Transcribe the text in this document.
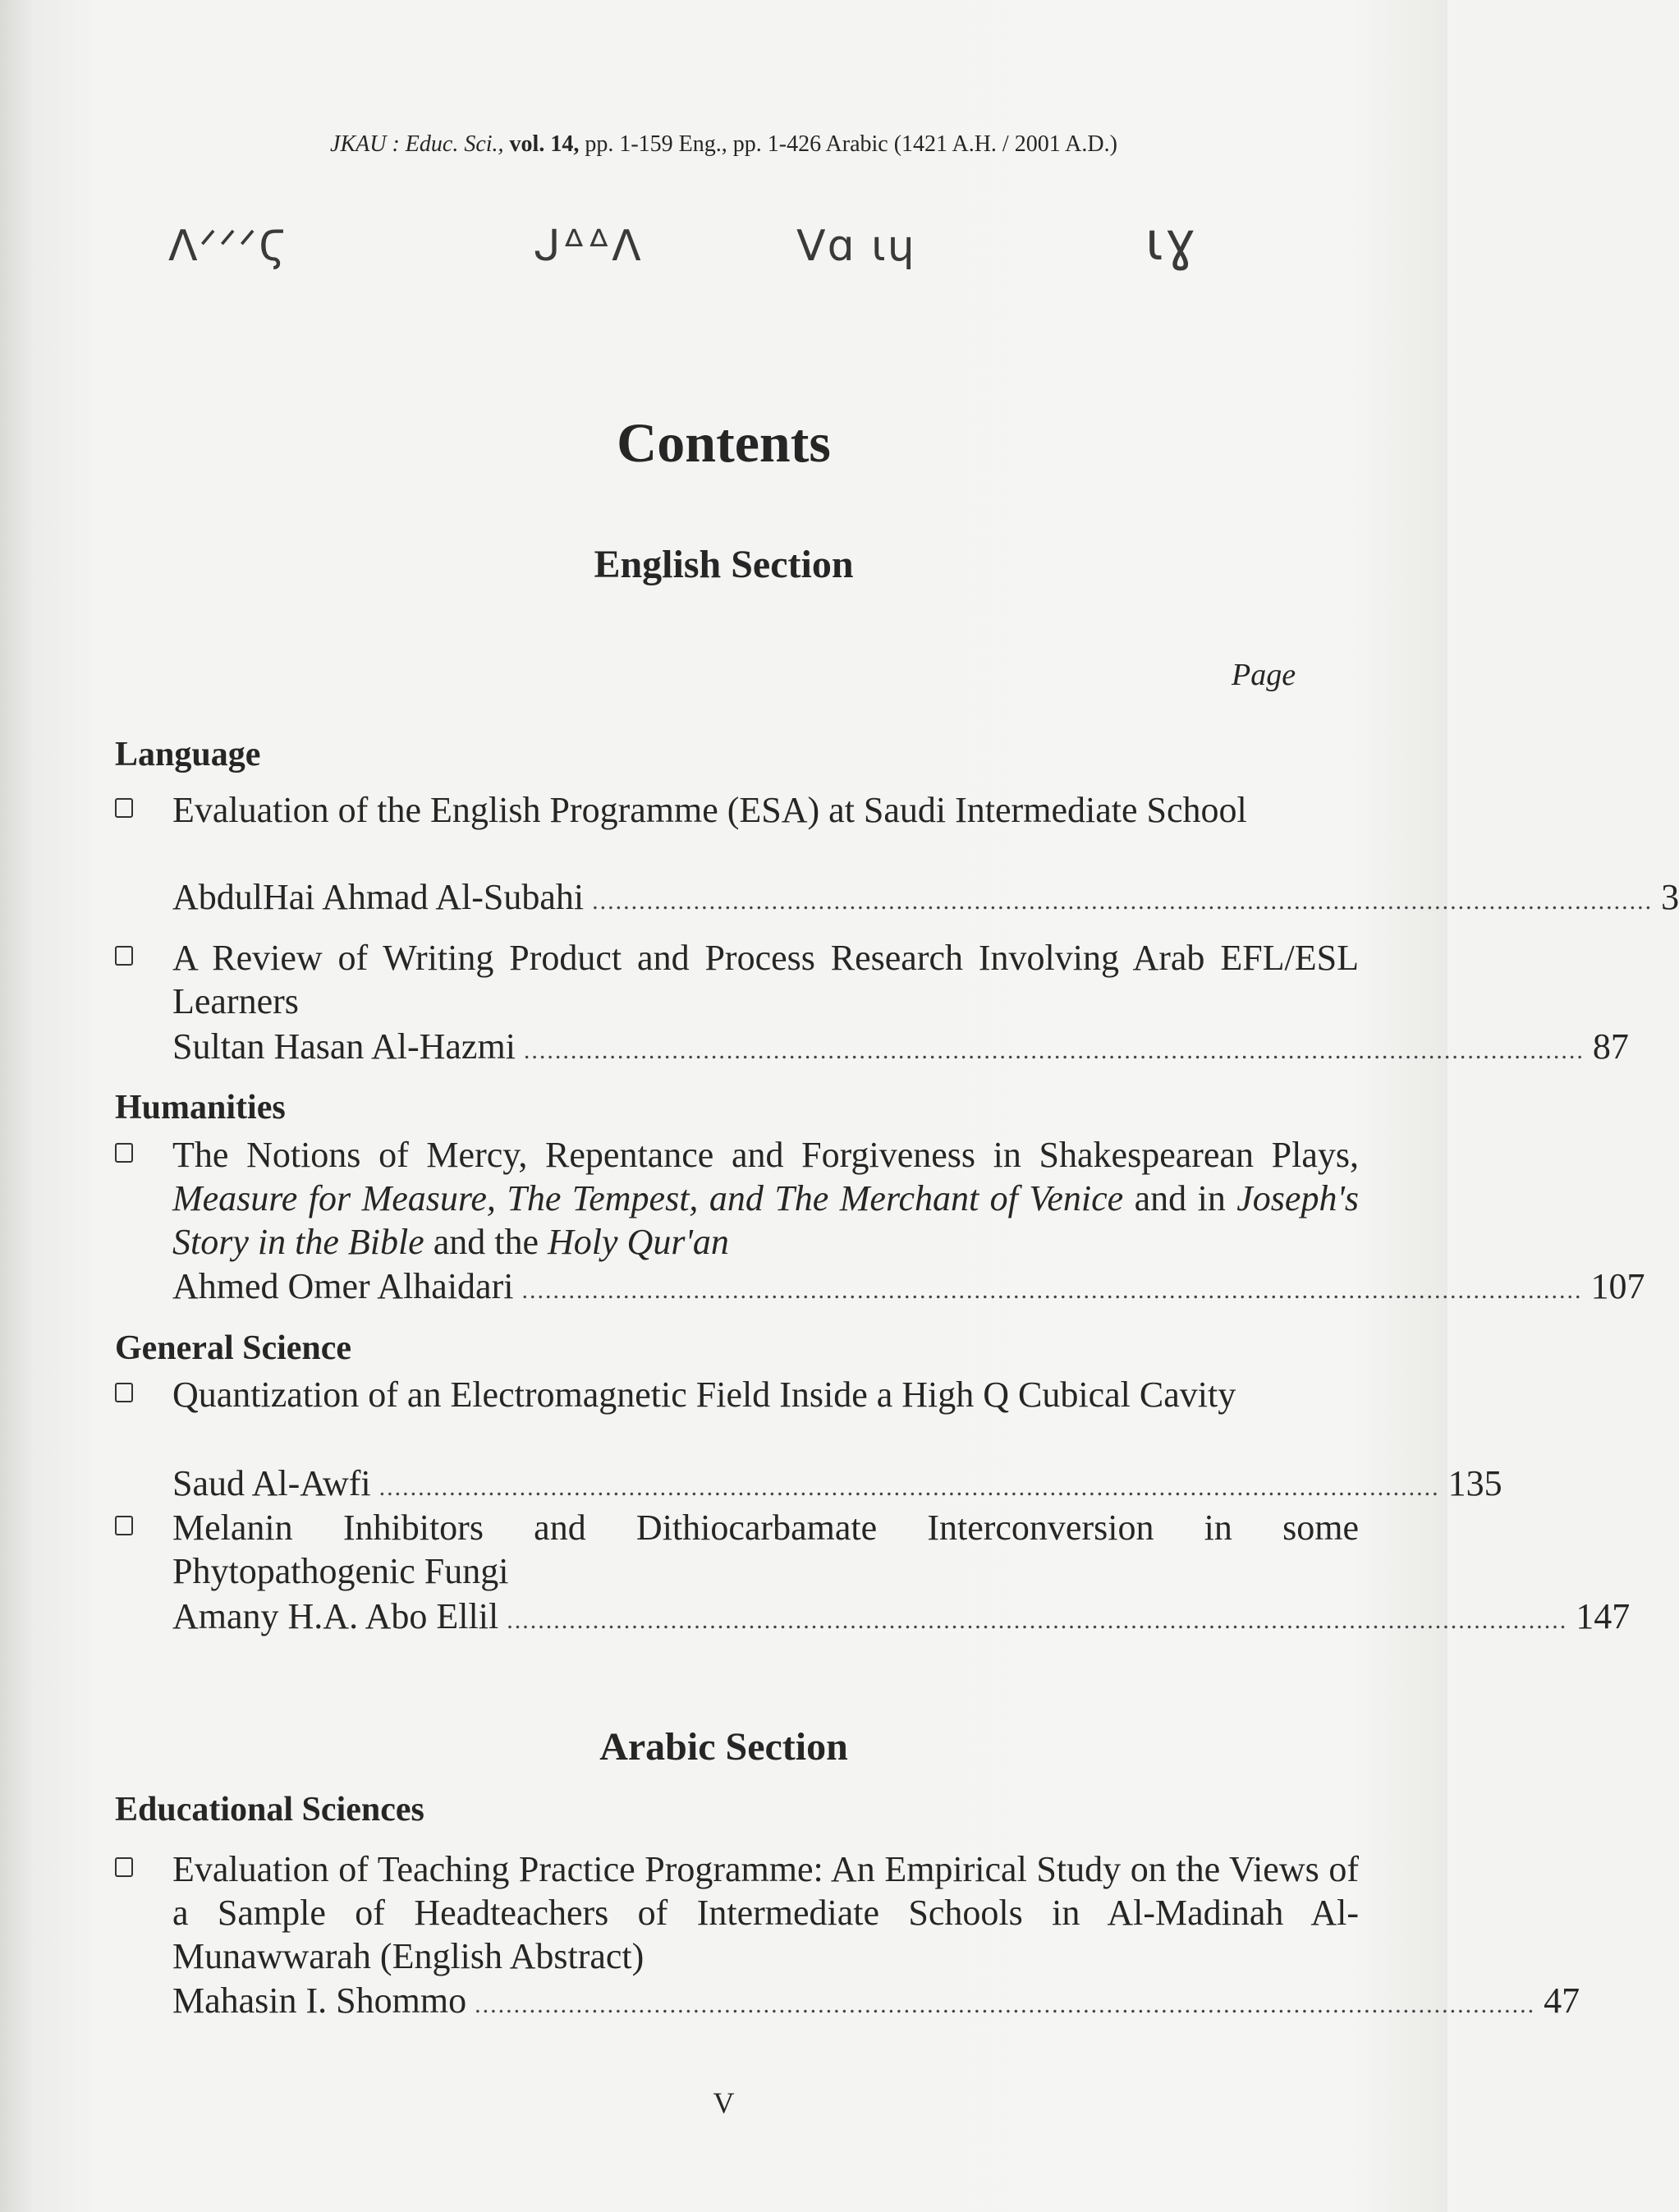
JKAU : Educ. Sci., vol. 14, pp. 1-159 Eng., pp. 1-426 Arabic (1421 A.H. / 2001 A.D.)
ΛᐟᐟᐟϚ	ᒍᐞᐞΛ	Vɑ ɩɥ	ɩɣ
Contents
English Section
Page
Language
Evaluation of the English Programme (ESA) at Saudi Intermediate School
AbdulHai Ahmad Al-Subahi ........................................................................................................................................ 3
A Review of Writing Product and Process Research Involving Arab EFL/ESL Learners
Sultan Hasan Al-Hazmi ........................................................................................................................................ 87
Humanities
The Notions of Mercy, Repentance and Forgiveness in Shakespearean Plays, Measure for Measure, The Tempest, and The Merchant of Venice and in Joseph's Story in the Bible and the Holy Qur'an
Ahmed Omer Alhaidari ........................................................................................................................................ 107
General Science
Quantization of an Electromagnetic Field Inside a High Q Cubical Cavity
Saud Al-Awfi ........................................................................................................................................ 135
Melanin Inhibitors and Dithiocarbamate Interconversion in some Phytopathogenic Fungi
Amany H.A. Abo Ellil ........................................................................................................................................ 147
Arabic Section
Educational Sciences
Evaluation of Teaching Practice Programme: An Empirical Study on the Views of a Sample of Headteachers of Intermediate Schools in Al-Madinah Al-Munawwarah (English Abstract)
Mahasin I. Shommo ........................................................................................................................................ 47
V
